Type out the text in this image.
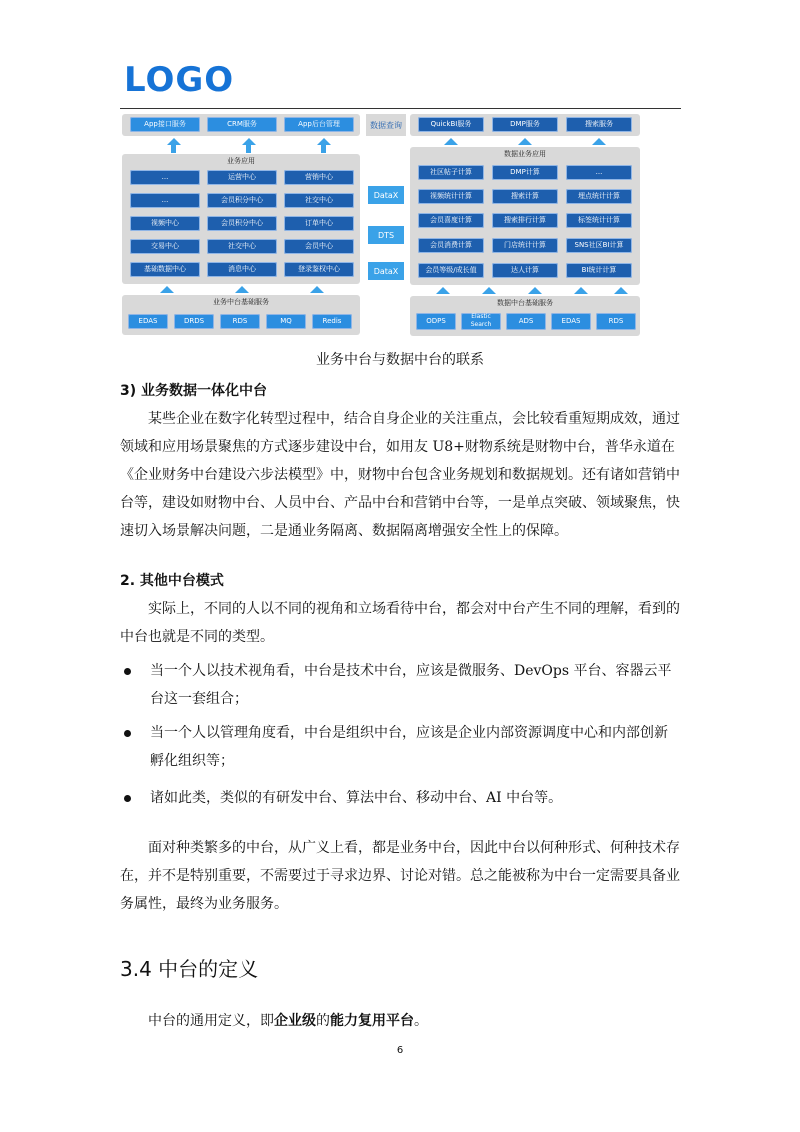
LOGO
App接口服务	CRM服务	App后台管理
业务应用
...	运营中心	营销中心
...	会员积分中心	社交中心
视频中心	会员积分中心	订单中心
交易中心	社交中心	会员中心
基础数据中心	消息中心	登录鉴权中心
业务中台基础服务
EDAS	DRDS	RDS	MQ	Redis
数据查询
DataX
DTS
DataX
QuickBI服务	DMP服务	搜索服务
数据业务应用
社区帖子计算	DMP计算	...
视频统计计算	搜索计算	埋点统计计算
会员喜度计算	搜索排行计算	标签统计计算
会员消费计算	门店统计计算	SNS社区BI计算
会员等级/成长值	达人计算	BI统计计算
数据中台基础服务
ODPS
Elastic Search	ADS	EDAS	RDS
业务中台与数据中台的联系
3) 业务数据一体化中台
某些企业在数字化转型过程中，结合自身企业的关注重点，会比较看重短期成效，通过领域和应用场景聚焦的方式逐步建设中台，如用友 U8+财物系统是财物中台，普华永道在《企业财务中台建设六步法模型》中，财物中台包含业务规划和数据规划。还有诸如营销中台等，建设如财物中台、人员中台、产品中台和营销中台等，一是单点突破、领域聚焦，快速切入场景解决问题，二是通业务隔离、数据隔离增强安全性上的保障。
2. 其他中台模式
实际上，不同的人以不同的视角和立场看待中台，都会对中台产生不同的理解，看到的中台也就是不同的类型。
当一个人以技术视角看，中台是技术中台，应该是微服务、DevOps 平台、容器云平台这一套组合；
当一个人以管理角度看，中台是组织中台，应该是企业内部资源调度中心和内部创新孵化组织等；
诸如此类，类似的有研发中台、算法中台、移动中台、AI 中台等。
面对种类繁多的中台，从广义上看，都是业务中台，因此中台以何种形式、何种技术存在，并不是特别重要，不需要过于寻求边界、讨论对错。总之能被称为中台一定需要具备业务属性，最终为业务服务。
3.4 中台的定义
中台的通用定义，即企业级的能力复用平台。
6
